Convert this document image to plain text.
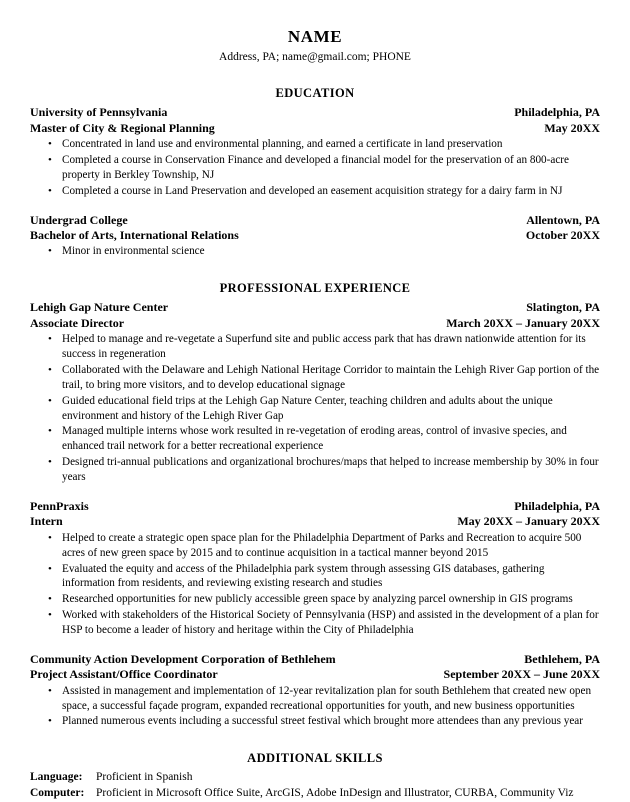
NAME
Address, PA; name@gmail.com; PHONE
EDUCATION
University of Pennsylvania	Philadelphia, PA
Master of City & Regional Planning	May 20XX
• Concentrated in land use and environmental planning, and earned a certificate in land preservation
• Completed a course in Conservation Finance and developed a financial model for the preservation of an 800-acre property in Berkley Township, NJ
• Completed a course in Land Preservation and developed an easement acquisition strategy for a dairy farm in NJ
Undergrad College	Allentown, PA
Bachelor of Arts, International Relations	October 20XX
• Minor in environmental science
PROFESSIONAL EXPERIENCE
Lehigh Gap Nature Center	Slatington, PA
Associate Director	March 20XX – January 20XX
• Helped to manage and re-vegetate a Superfund site and public access park that has drawn nationwide attention for its success in regeneration
• Collaborated with the Delaware and Lehigh National Heritage Corridor to maintain the Lehigh River Gap portion of the trail, to bring more visitors, and to develop educational signage
• Guided educational field trips at the Lehigh Gap Nature Center, teaching children and adults about the unique environment and history of the Lehigh River Gap
• Managed multiple interns whose work resulted in re-vegetation of eroding areas, control of invasive species, and enhanced trail network for a better recreational experience
• Designed tri-annual publications and organizational brochures/maps that helped to increase membership by 30% in four years
PennPraxis	Philadelphia, PA
Intern	May 20XX – January 20XX
• Helped to create a strategic open space plan for the Philadelphia Department of Parks and Recreation to acquire 500 acres of new green space by 2015 and to continue acquisition in a tactical manner beyond 2015
• Evaluated the equity and access of the Philadelphia park system through assessing GIS databases, gathering information from residents, and reviewing existing research and studies
• Researched opportunities for new publicly accessible green space by analyzing parcel ownership in GIS programs
• Worked with stakeholders of the Historical Society of Pennsylvania (HSP) and assisted in the development of a plan for HSP to become a leader of history and heritage within the City of Philadelphia
Community Action Development Corporation of Bethlehem	Bethlehem, PA
Project Assistant/Office Coordinator	September 20XX – June 20XX
• Assisted in management and implementation of 12-year revitalization plan for south Bethlehem that created new open space, a successful façade program, expanded recreational opportunities for youth, and new business opportunities
• Planned numerous events including a successful street festival which brought more attendees than any previous year
ADDITIONAL SKILLS
Language:	Proficient in Spanish
Computer:	Proficient in Microsoft Office Suite, ArcGIS, Adobe InDesign and Illustrator, CURBA, Community Viz
